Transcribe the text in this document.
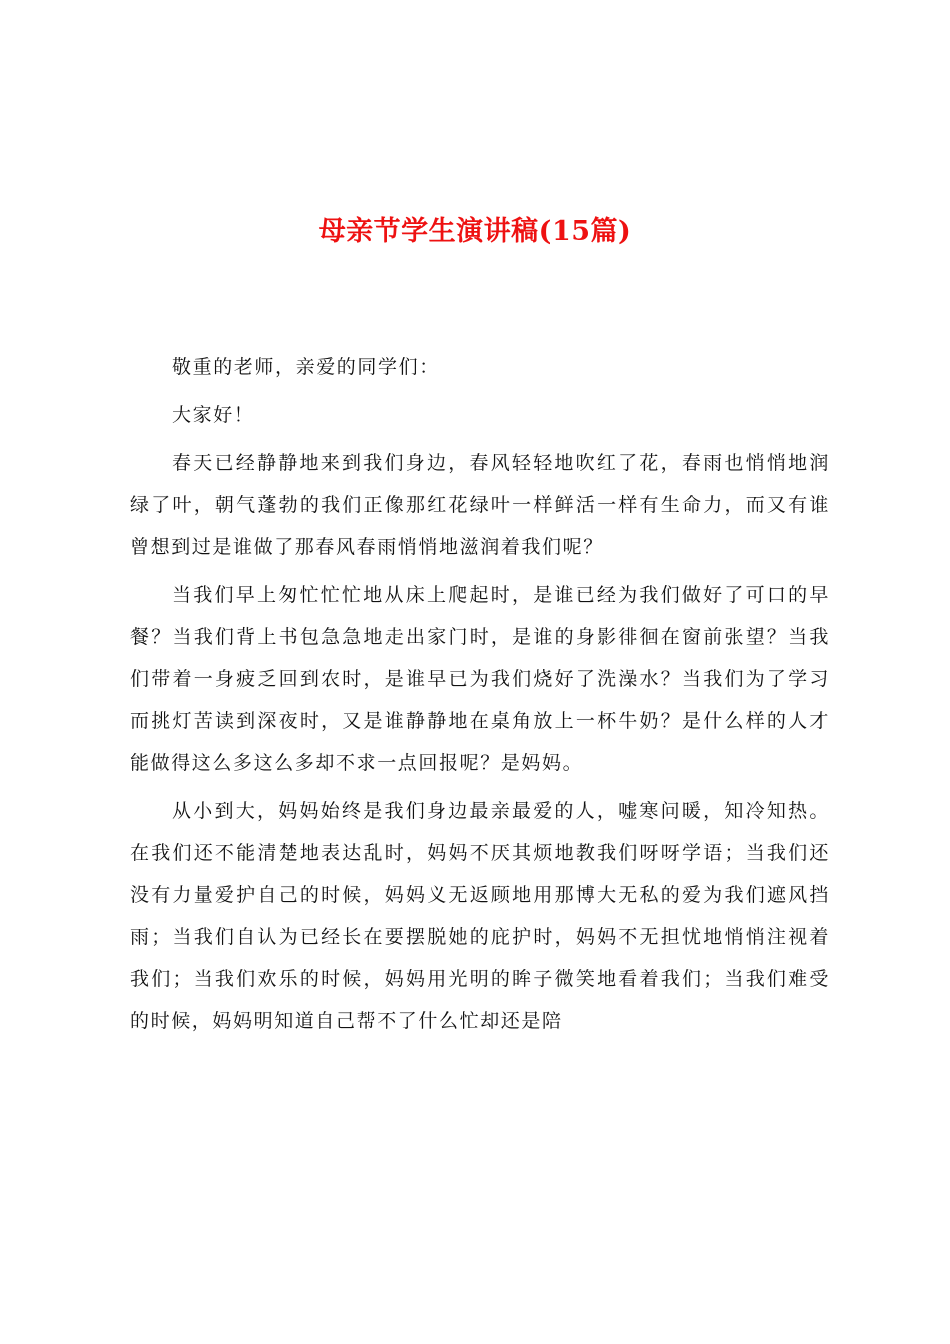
母亲节学生演讲稿(15篇)

敬重的老师，亲爱的同学们：

大家好！

春天已经静静地来到我们身边，春风轻轻地吹红了花，春雨也悄悄地润绿了叶，朝气蓬勃的我们正像那红花绿叶一样鲜活一样有生命力，而又有谁曾想到过是谁做了那春风春雨悄悄地滋润着我们呢？

当我们早上匆忙忙忙地从床上爬起时，是谁已经为我们做好了可口的早餐？当我们背上书包急急地走出家门时，是谁的身影徘徊在窗前张望？当我们带着一身疲乏回到农时，是谁早已为我们烧好了洗澡水？当我们为了学习而挑灯苦读到深夜时，又是谁静静地在桌角放上一杯牛奶？是什么样的人才能做得这么多这么多却不求一点回报呢？是妈妈。

从小到大，妈妈始终是我们身边最亲最爱的人，嘘寒问暖，知冷知热。在我们还不能清楚地表达乱时，妈妈不厌其烦地教我们呀呀学语；当我们还没有力量爱护自己的时候，妈妈义无返顾地用那博大无私的爱为我们遮风挡雨；当我们自认为已经长在要摆脱她的庇护时，妈妈不无担忧地悄悄注视着我们；当我们欢乐的时候，妈妈用光明的眸子微笑地看着我们；当我们难受的时候，妈妈明知道自己帮不了什么忙却还是陪
